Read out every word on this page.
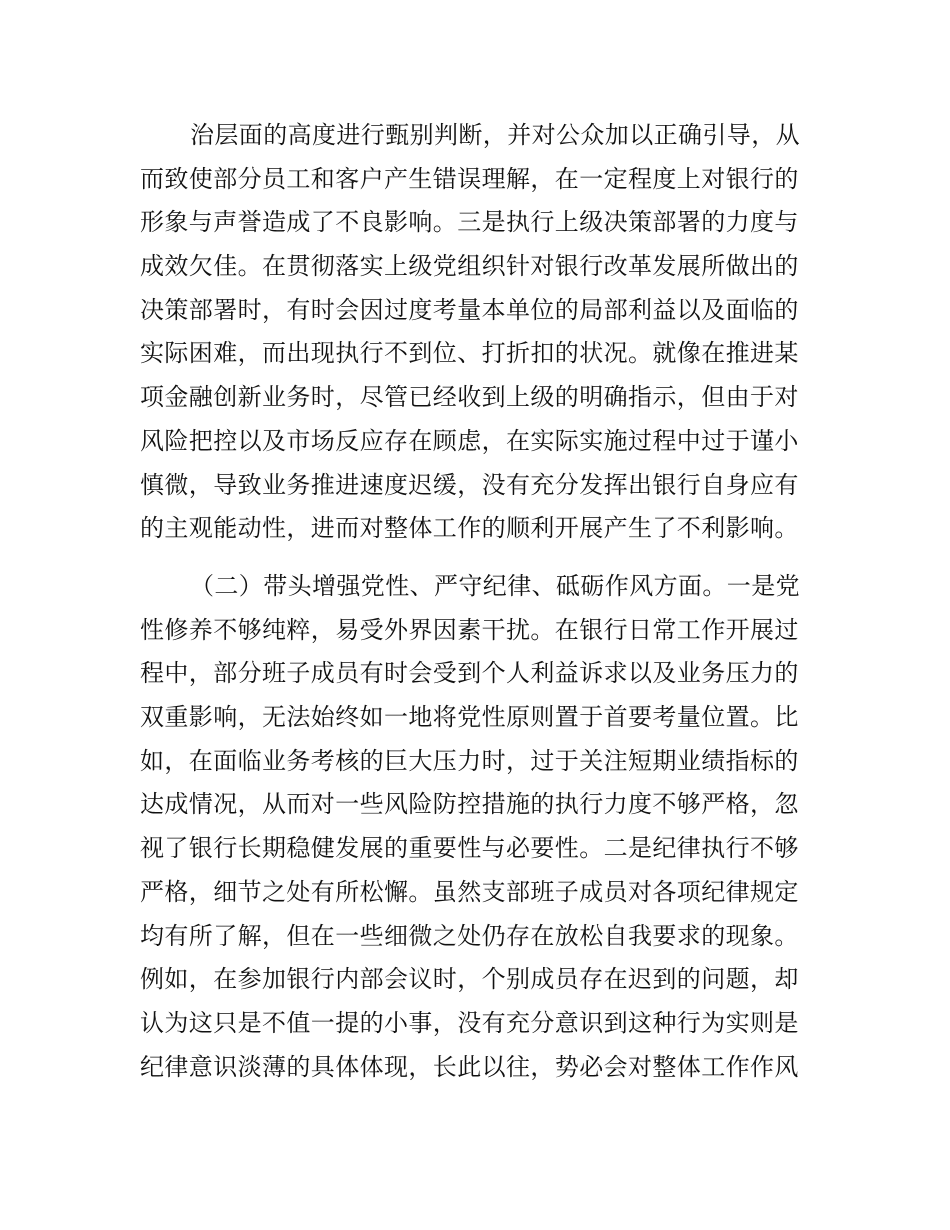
治层面的高度进行甄别判断，并对公众加以正确引导，从
而致使部分员工和客户产生错误理解，在一定程度上对银行的
形象与声誉造成了不良影响。三是执行上级决策部署的力度与
成效欠佳。在贯彻落实上级党组织针对银行改革发展所做出的
决策部署时，有时会因过度考量本单位的局部利益以及面临的
实际困难，而出现执行不到位、打折扣的状况。就像在推进某
项金融创新业务时，尽管已经收到上级的明确指示，但由于对
风险把控以及市场反应存在顾虑，在实际实施过程中过于谨小
慎微，导致业务推进速度迟缓，没有充分发挥出银行自身应有
的主观能动性，进而对整体工作的顺利开展产生了不利影响。
（二）带头增强党性、严守纪律、砥砺作风方面。一是党
性修养不够纯粹，易受外界因素干扰。在银行日常工作开展过
程中，部分班子成员有时会受到个人利益诉求以及业务压力的
双重影响，无法始终如一地将党性原则置于首要考量位置。比
如，在面临业务考核的巨大压力时，过于关注短期业绩指标的
达成情况，从而对一些风险防控措施的执行力度不够严格，忽
视了银行长期稳健发展的重要性与必要性。二是纪律执行不够
严格，细节之处有所松懈。虽然支部班子成员对各项纪律规定
均有所了解，但在一些细微之处仍存在放松自我要求的现象。
例如，在参加银行内部会议时，个别成员存在迟到的问题，却
认为这只是不值一提的小事，没有充分意识到这种行为实则是
纪律意识淡薄的具体体现，长此以往，势必会对整体工作作风
